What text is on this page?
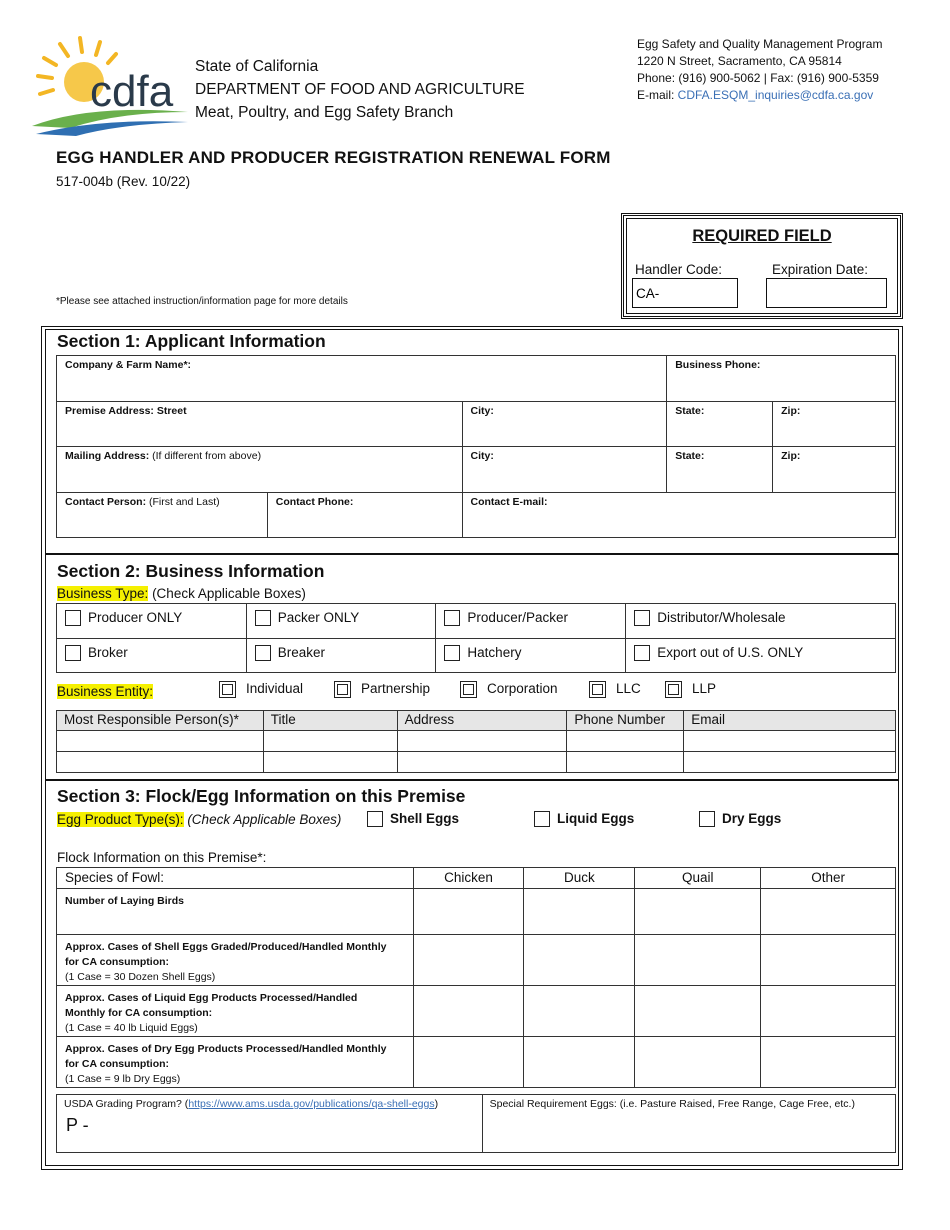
cdfa
State of California
DEPARTMENT OF FOOD AND AGRICULTURE
Meat, Poultry, and Egg Safety Branch
Egg Safety and Quality Management Program
1220 N Street, Sacramento, CA 95814
Phone: (916) 900-5062 | Fax: (916) 900-5359
E-mail: CDFA.ESQM_inquiries@cdfa.ca.gov
EGG HANDLER AND PRODUCER REGISTRATION RENEWAL FORM
517-004b (Rev. 10/22)
REQUIRED FIELD
Handler Code:	Expiration Date:
CA-
*Please see attached instruction/information page for more details
Section 1: Applicant Information
Company & Farm Name*:			Business Phone:	

Premise Address: Street		City:	State:	Zip:

Mailing Address: (If different from above)		City:	State:	Zip:

Contact Person: (First and Last)	Contact Phone:	Contact E-mail:		
Section 2: Business Information
Business Type: (Check Applicable Boxes)
Producer ONLY	Packer ONLY	Producer/Packer	Distributor/Wholesale
Broker	Breaker	Hatchery	Export out of U.S. ONLY
Business Entity:	Individual	Partnership	Corporation	LLC	LLP
Most Responsible Person(s)*	Title	Address	Phone Number	Email

Section 3: Flock/Egg Information on this Premise
Egg Product Type(s): (Check Applicable Boxes)	Shell Eggs	Liquid Eggs	Dry Eggs
Flock Information on this Premise*:
Species of Fowl:	Chicken	Duck	Quail	Other

Number of Laying Birds				

Approx. Cases of Shell Eggs Graded/Produced/Handled Monthly
for CA consumption:
(1 Case = 30 Dozen Shell Eggs)				

Approx. Cases of Liquid Egg Products Processed/Handled
Monthly for CA consumption:
(1 Case = 40 lb Liquid Eggs)				

Approx. Cases of Dry Egg Products Processed/Handled Monthly
for CA consumption:
(1 Case = 9 lb Dry Eggs)				
USDA Grading Program? (https://www.ams.usda.gov/publications/qa-shell-eggs)
P -

Special Requirement Eggs: (i.e. Pasture Raised, Free Range, Cage Free, etc.)
